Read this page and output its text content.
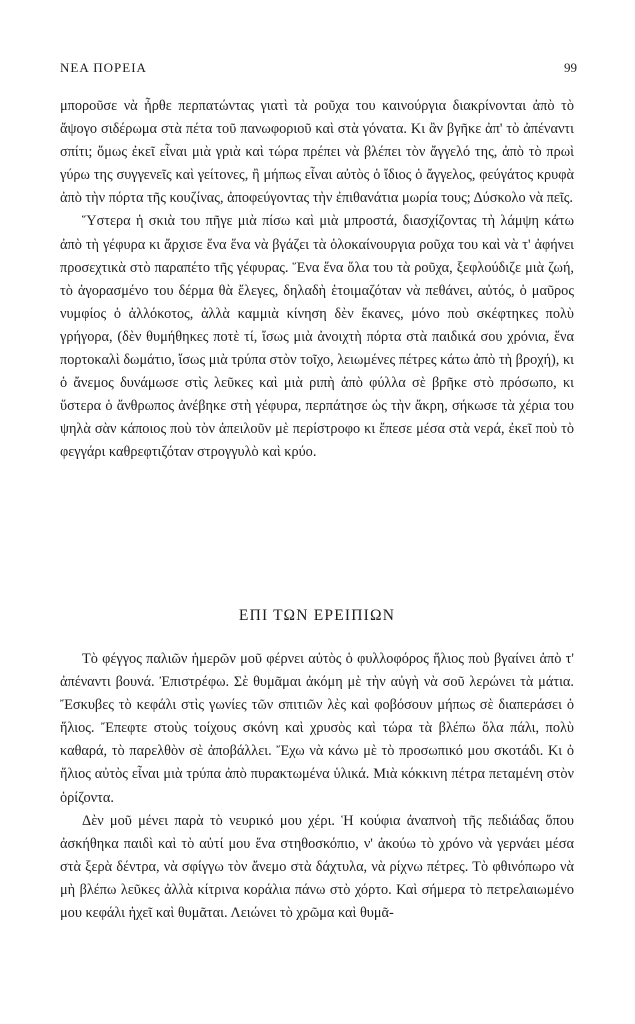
ΝΕΑ ΠΟΡΕΙΑ	99

μποροῦσε νὰ ἦρθε περπατώντας γιατὶ τὰ ροῦχα του καινούργια διακρίνονται ἀπὸ τὸ ἄψογο σιδέρωμα στὰ πέτα τοῦ πανωφοριοῦ καὶ στὰ γόνατα. Κι ἂν βγῆκε ἀπ' τὸ ἀπέναντι σπίτι; ὅμως ἐκεῖ εἶναι μιὰ γριὰ καὶ τώρα πρέπει νὰ βλέπει τὸν ἄγγελό της, ἀπὸ τὸ πρωὶ γύρω της συγγενεῖς καὶ γείτονες, ἢ μήπως εἶναι αὐτὸς ὁ ἴδιος ὁ ἄγγελος, φεύγάτος κρυφὰ ἀπὸ τὴν πόρτα τῆς κουζίνας, ἀποφεύγοντας τὴν ἐπιθανάτια μωρία τους; Δύσκολο νὰ πεῖς.

Ὕστερα ἡ σκιὰ του πῆγε μιὰ πίσω καὶ μιὰ μπροστά, διασχίζοντας τὴ λάμψη κάτω ἀπὸ τὴ γέφυρα κι ἄρχισε ἕνα ἕνα νὰ βγάζει τὰ ὁλοκαίνουργια ροῦχα του καὶ νὰ τ' ἀφήνει προσεχτικὰ στὸ παραπέτο τῆς γέφυρας. Ἕνα ἕνα ὅλα του τὰ ροῦχα, ξεφλούδιζε μιὰ ζωή, τὸ ἀγορασμένο του δέρμα θὰ ἔλεγες, δηλαδὴ ἑτοιμαζόταν νὰ πεθάνει, αὐτός, ὁ μαῦρος νυμφίος ὁ ἀλλόκοτος, ἀλλὰ καμμιὰ κίνηση δὲν ἔκανες, μόνο ποὺ σκέφτηκες πολὺ γρήγορα, (δὲν θυμήθηκες ποτὲ τί, ἴσως μιὰ ἀνοιχτὴ πόρτα στὰ παιδικά σου χρόνια, ἕνα πορτοκαλὶ δωμάτιο, ἴσως μιὰ τρύπα στὸν τοῖχο, λειωμένες πέτρες κάτω ἀπὸ τὴ βροχή), κι ὁ ἄνεμος δυνάμωσε στὶς λεῦκες καὶ μιὰ ριπὴ ἀπὸ φύλλα σὲ βρῆκε στὸ πρόσωπο, κι ὕστερα ὁ ἄνθρωπος ἀνέβηκε στὴ γέφυρα, περπάτησε ὡς τὴν ἄκρη, σήκωσε τὰ χέρια του ψηλὰ σὰν κάποιος ποὺ τὸν ἀπειλοῦν μὲ περίστροφο κι ἔπεσε μέσα στὰ νερά, ἐκεῖ ποὺ τὸ φεγγάρι καθρεφτιζόταν στρογγυλὸ καὶ κρύο.

ΕΠΙ ΤΩΝ ΕΡΕΙΠΙΩΝ

Τὸ φέγγος παλιῶν ἡμερῶν μοῦ φέρνει αὐτὸς ὁ φυλλοφόρος ἥλιος ποὺ βγαίνει ἀπὸ τ' ἀπέναντι βουνά. Ἐπιστρέφω. Σὲ θυμᾶμαι ἀκόμη μὲ τὴν αὐγὴ νὰ σοῦ λερώνει τὰ μάτια. Ἔσκυβες τὸ κεφάλι στὶς γωνίες τῶν σπιτιῶν λὲς καὶ φοβόσουν μήπως σὲ διαπεράσει ὁ ἥλιος. Ἔπεφτε στοὺς τοίχους σκόνη καὶ χρυσὸς καὶ τώρα τὰ βλέπω ὅλα πάλι, πολὺ καθαρά, τὸ παρελθὸν σὲ ἀποβάλλει. Ἔχω νὰ κάνω μὲ τὸ προσωπικό μου σκοτάδι. Κι ὁ ἥλιος αὐτὸς εἶναι μιὰ τρύπα ἀπὸ πυρακτωμένα ὑλικά. Μιὰ κόκκινη πέτρα πεταμένη στὸν ὁρίζοντα.

Δὲν μοῦ μένει παρὰ τὸ νευρικό μου χέρι. Ἡ κούφια ἀναπνοὴ τῆς πεδιάδας ὅπου ἀσκήθηκα παιδὶ καὶ τὸ αὐτί μου ἕνα στηθοσκόπιο, ν' ἀκούω τὸ χρόνο νὰ γερνάει μέσα στὰ ξερὰ δέντρα, νὰ σφίγγω τὸν ἄνεμο στὰ δάχτυλα, νὰ ρίχνω πέτρες. Τὸ φθινόπωρο νὰ μὴ βλέπω λεῦκες ἀλλὰ κίτρινα κοράλια πάνω στὸ χόρτο. Καὶ σήμερα τὸ πετρελαιωμένο μου κεφάλι ἠχεῖ καὶ θυμᾶται. Λειώνει τὸ χρῶμα καὶ θυμᾶ-
